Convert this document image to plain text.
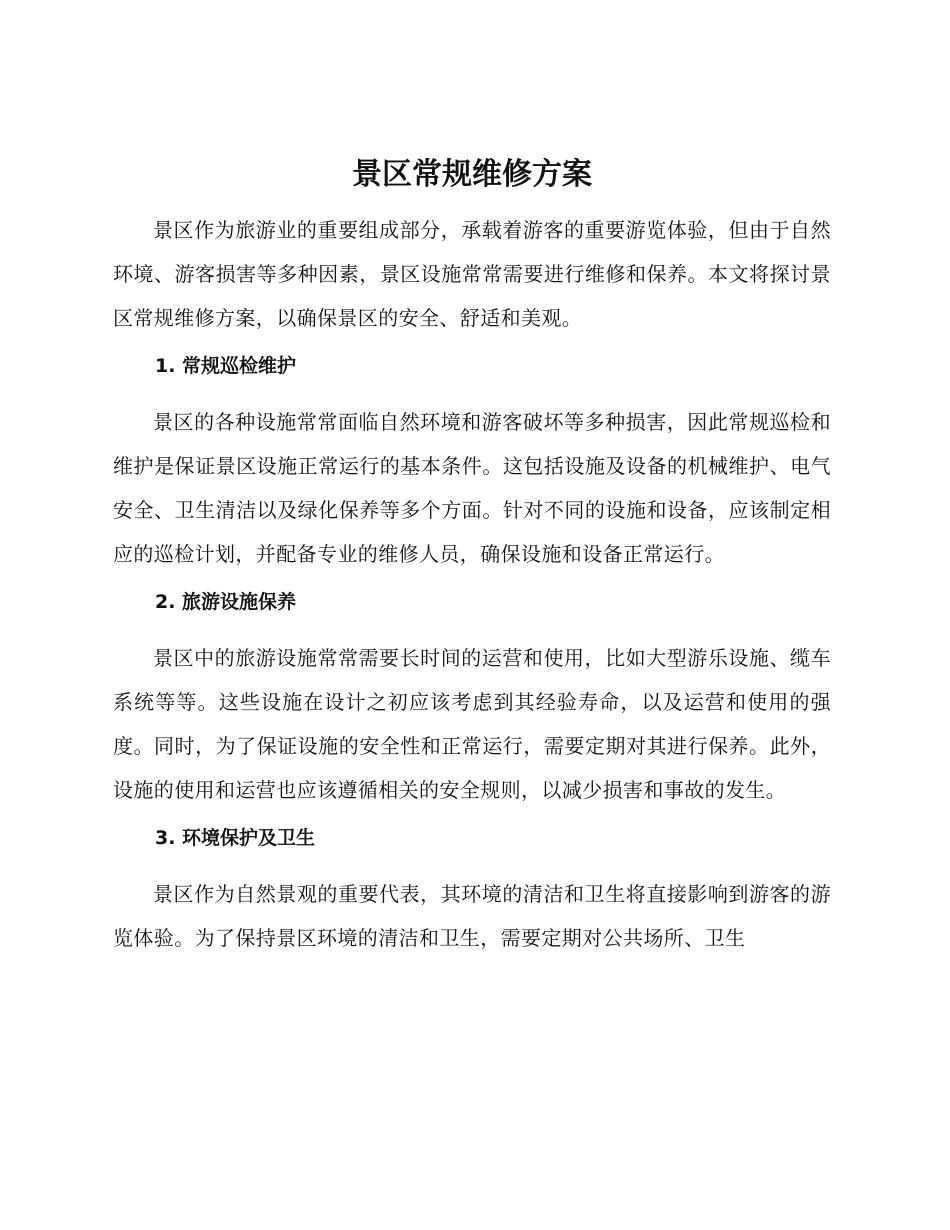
景区常规维修方案

景区作为旅游业的重要组成部分，承载着游客的重要游览体验，但由于自然环境、游客损害等多种因素，景区设施常常需要进行维修和保养。本文将探讨景区常规维修方案，以确保景区的安全、舒适和美观。

1. 常规巡检维护

景区的各种设施常常面临自然环境和游客破坏等多种损害，因此常规巡检和维护是保证景区设施正常运行的基本条件。这包括设施及设备的机械维护、电气安全、卫生清洁以及绿化保养等多个方面。针对不同的设施和设备，应该制定相应的巡检计划，并配备专业的维修人员，确保设施和设备正常运行。

2. 旅游设施保养

景区中的旅游设施常常需要长时间的运营和使用，比如大型游乐设施、缆车系统等等。这些设施在设计之初应该考虑到其经验寿命，以及运营和使用的强度。同时，为了保证设施的安全性和正常运行，需要定期对其进行保养。此外，设施的使用和运营也应该遵循相关的安全规则，以减少损害和事故的发生。

3. 环境保护及卫生

景区作为自然景观的重要代表，其环境的清洁和卫生将直接影响到游客的游览体验。为了保持景区环境的清洁和卫生，需要定期对公共场所、卫生
